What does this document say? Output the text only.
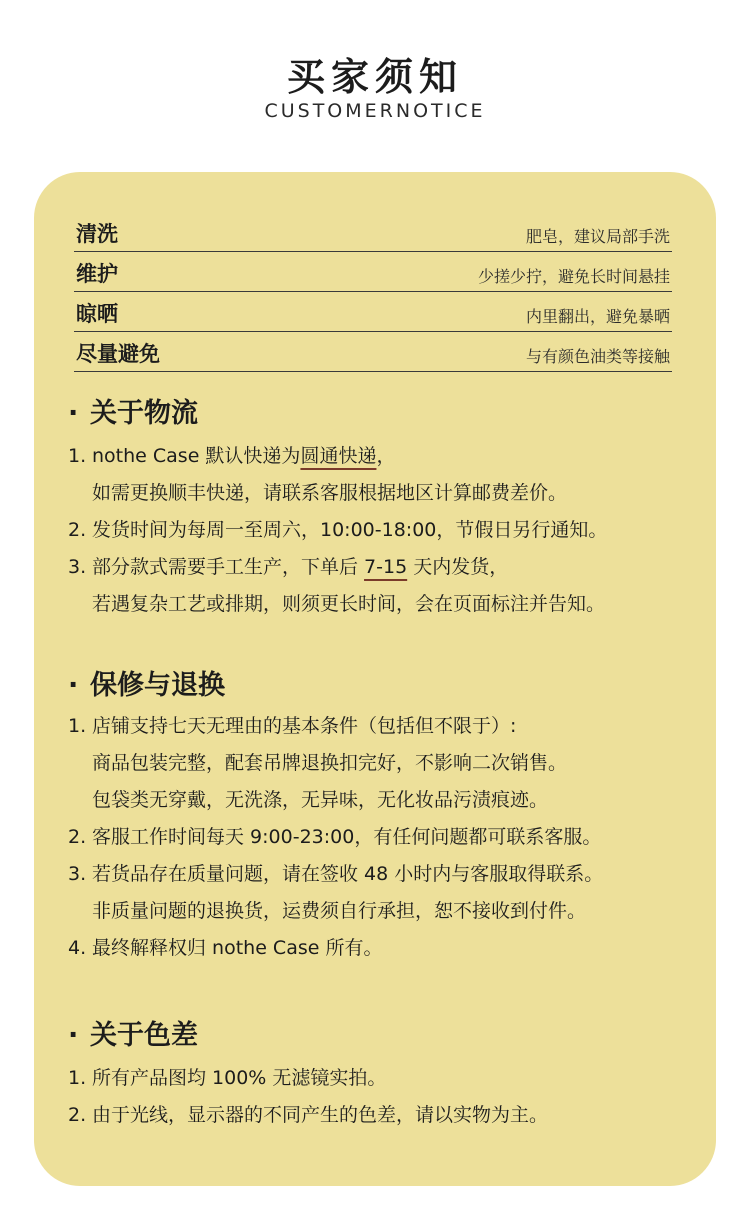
买家须知
CUSTOMERNOTICE
清洗	肥皂，建议局部手洗
维护	少搓少拧，避免长时间悬挂
晾晒	内里翻出，避免暴晒
尽量避免	与有颜色油类等接触
· 关于物流
1. nothe Case 默认快递为圆通快递，
如需更换顺丰快递，请联系客服根据地区计算邮费差价。
2. 发货时间为每周一至周六，10:00-18:00，节假日另行通知。
3. 部分款式需要手工生产，下单后 7-15 天内发货，
若遇复杂工艺或排期，则须更长时间，会在页面标注并告知。
· 保修与退换
1. 店铺支持七天无理由的基本条件（包括但不限于）:
商品包装完整，配套吊牌退换扣完好，不影响二次销售。
包袋类无穿戴，无洗涤，无异味，无化妆品污渍痕迹。
2. 客服工作时间每天 9:00-23:00，有任何问题都可联系客服。
3. 若货品存在质量问题，请在签收 48 小时内与客服取得联系。
非质量问题的退换货，运费须自行承担，恕不接收到付件。
4. 最终解释权归 nothe Case 所有。
· 关于色差
1. 所有产品图均 100% 无滤镜实拍。
2. 由于光线，显示器的不同产生的色差，请以实物为主。
